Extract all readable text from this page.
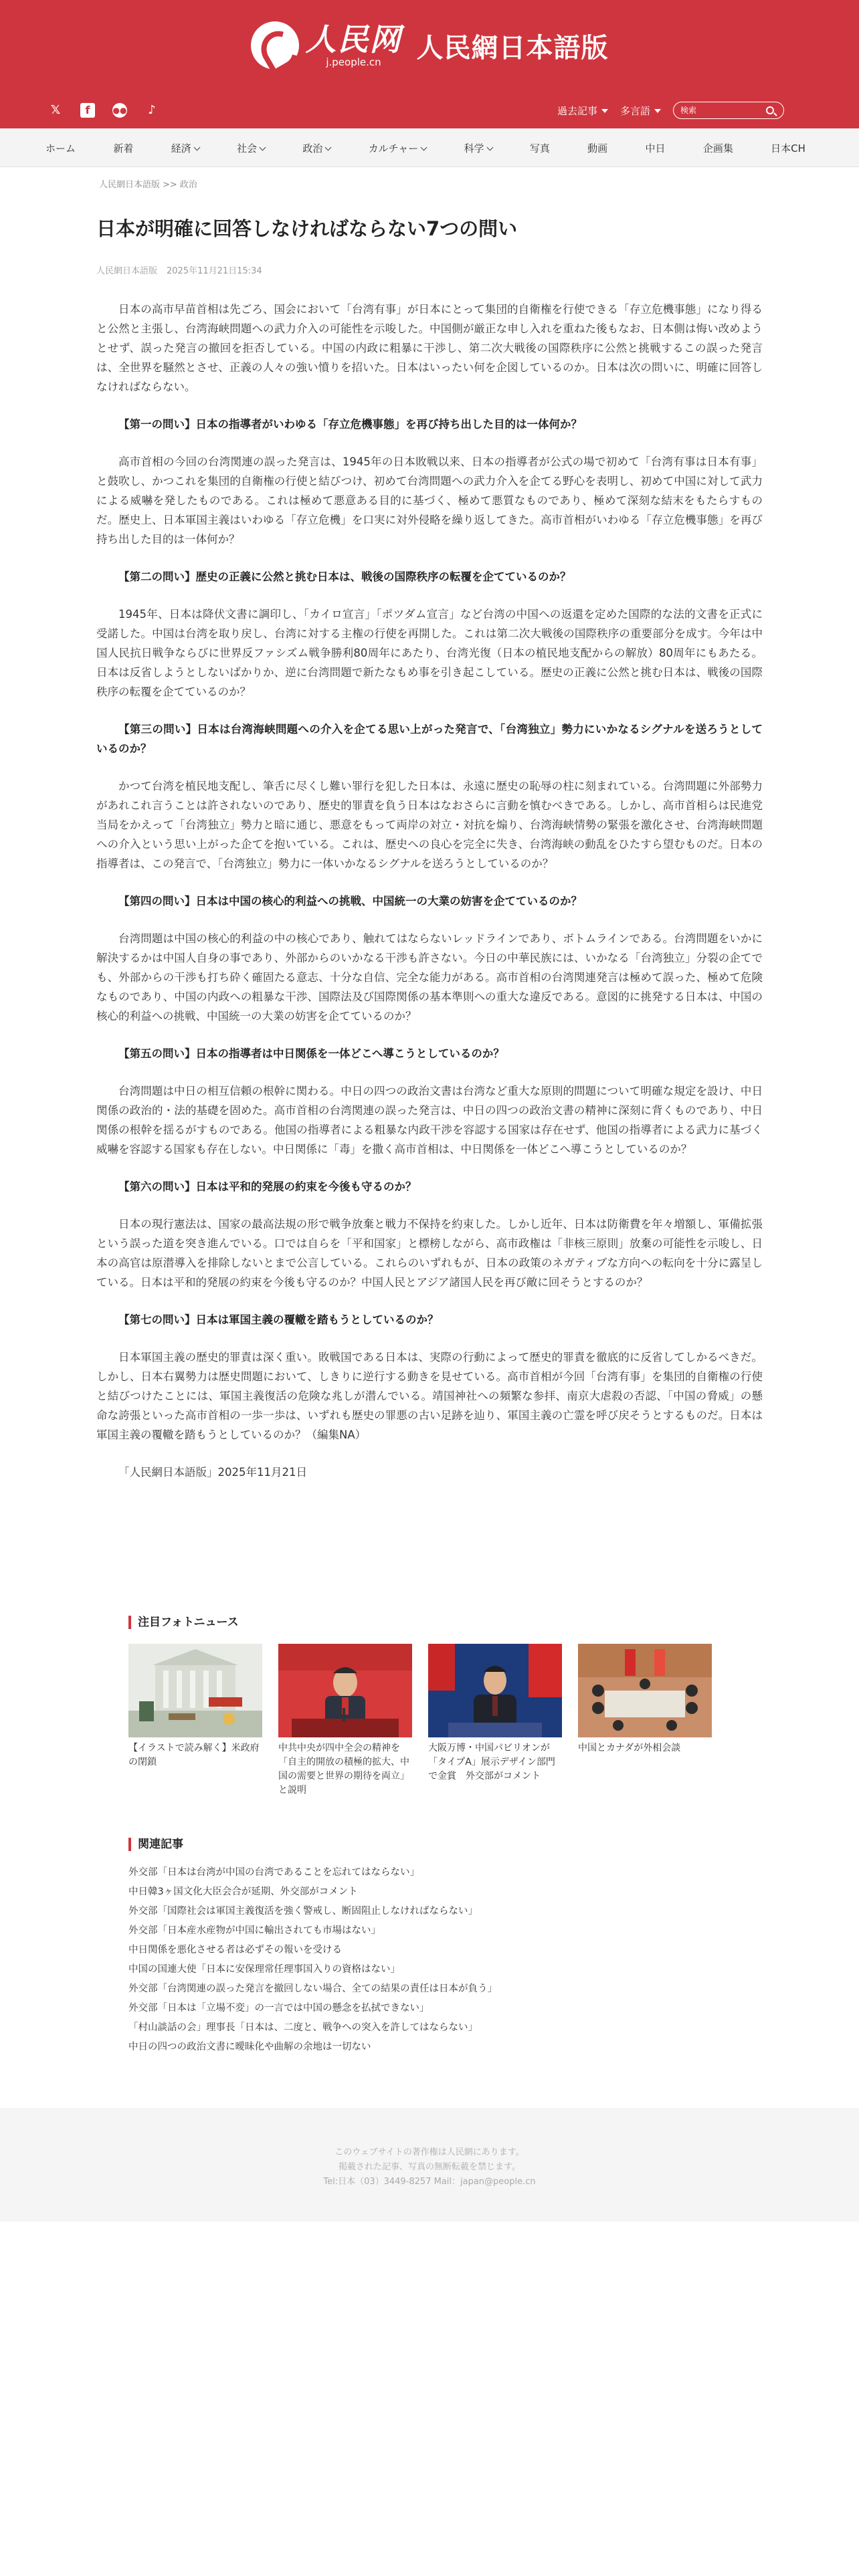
人民网
j.people.cn 人民網日本語版
𝕏	f	●● ♪	過去記事	多言語
検索
ホーム	新着	経済	社会	政治	カルチャー	科学	写真	動画	中日	企画集	日本CH
人民網日本語版 >> 政治
日本が明確に回答しなければならない7つの問い
人民網日本語版 2025年11月21日15:34

日本の高市早苗首相は先ごろ、国会において「台湾有事」が日本にとって集団的自衛権を行使できる「存立危機事態」になり得ると公然と主張し、台湾海峡問題への武力介入の可能性を示唆した。中国側が厳正な申し入れを重ねた後もなお、日本側は悔い改めようとせず、誤った発言の撤回を拒否している。中国の内政に粗暴に干渉し、第二次大戦後の国際秩序に公然と挑戦するこの誤った発言は、全世界を騒然とさせ、正義の人々の強い憤りを招いた。日本はいったい何を企図しているのか。日本は次の問いに、明確に回答しなければならない。

【第一の問い】日本の指導者がいわゆる「存立危機事態」を再び持ち出した目的は一体何か？

高市首相の今回の台湾関連の誤った発言は、1945年の日本敗戦以来、日本の指導者が公式の場で初めて「台湾有事は日本有事」と鼓吹し、かつこれを集団的自衛権の行使と結びつけ、初めて台湾問題への武力介入を企てる野心を表明し、初めて中国に対して武力による威嚇を発したものである。これは極めて悪意ある目的に基づく、極めて悪質なものであり、極めて深刻な結末をもたらすものだ。歴史上、日本軍国主義はいわゆる「存立危機」を口実に対外侵略を繰り返してきた。高市首相がいわゆる「存立危機事態」を再び持ち出した目的は一体何か？

【第二の問い】歴史の正義に公然と挑む日本は、戦後の国際秩序の転覆を企てているのか？

1945年、日本は降伏文書に調印し、「カイロ宣言」「ポツダム宣言」など台湾の中国への返還を定めた国際的な法的文書を正式に受諾した。中国は台湾を取り戻し、台湾に対する主権の行使を再開した。これは第二次大戦後の国際秩序の重要部分を成す。今年は中国人民抗日戦争ならびに世界反ファシズム戦争勝利80周年にあたり、台湾光復（日本の植民地支配からの解放）80周年にもあたる。日本は反省しようとしないばかりか、逆に台湾問題で新たなもめ事を引き起こしている。歴史の正義に公然と挑む日本は、戦後の国際秩序の転覆を企てているのか？

【第三の問い】日本は台湾海峡問題への介入を企てる思い上がった発言で、「台湾独立」勢力にいかなるシグナルを送ろうとしているのか？

かつて台湾を植民地支配し、筆舌に尽くし難い罪行を犯した日本は、永遠に歴史の恥辱の柱に刻まれている。台湾問題に外部勢力があれこれ言うことは許されないのであり、歴史的罪責を負う日本はなおさらに言動を慎むべきである。しかし、高市首相らは民進党当局をかえって「台湾独立」勢力と暗に通じ、悪意をもって両岸の対立・対抗を煽り、台湾海峡情勢の緊張を激化させ、台湾海峡問題への介入という思い上がった企てを抱いている。これは、歴史への良心を完全に失き、台湾海峡の動乱をひたすら望むものだ。日本の指導者は、この発言で、「台湾独立」勢力に一体いかなるシグナルを送ろうとしているのか？

【第四の問い】日本は中国の核心的利益への挑戦、中国統一の大業の妨害を企てているのか？

台湾問題は中国の核心的利益の中の核心であり、触れてはならないレッドラインであり、ボトムラインである。台湾問題をいかに解決するかは中国人自身の事であり、外部からのいかなる干渉も許さない。今日の中華民族には、いかなる「台湾独立」分裂の企てでも、外部からの干渉も打ち砕く確固たる意志、十分な自信、完全な能力がある。高市首相の台湾関連発言は極めて誤った、極めて危険なものであり、中国の内政への粗暴な干渉、国際法及び国際関係の基本準則への重大な違反である。意図的に挑発する日本は、中国の核心的利益への挑戦、中国統一の大業の妨害を企てているのか？

【第五の問い】日本の指導者は中日関係を一体どこへ導こうとしているのか？

台湾問題は中日の相互信頼の根幹に関わる。中日の四つの政治文書は台湾など重大な原則的問題について明確な規定を設け、中日関係の政治的・法的基礎を固めた。高市首相の台湾関連の誤った発言は、中日の四つの政治文書の精神に深刻に背くものであり、中日関係の根幹を揺るがすものである。他国の指導者による粗暴な内政干渉を容認する国家は存在せず、他国の指導者による武力に基づく威嚇を容認する国家も存在しない。中日関係に「毒」を撒く高市首相は、中日関係を一体どこへ導こうとしているのか？

【第六の問い】日本は平和的発展の約束を今後も守るのか？

日本の現行憲法は、国家の最高法規の形で戦争放棄と戦力不保持を約束した。しかし近年、日本は防衛費を年々増額し、軍備拡張という誤った道を突き進んでいる。口では自らを「平和国家」と標榜しながら、高市政権は「非核三原則」放棄の可能性を示唆し、日本の高官は原潜導入を排除しないとまで公言している。これらのいずれもが、日本の政策のネガティブな方向への転向を十分に露呈している。日本は平和的発展の約束を今後も守るのか？中国人民とアジア諸国人民を再び敵に回そうとするのか？

【第七の問い】日本は軍国主義の覆轍を踏もうとしているのか？

日本軍国主義の歴史的罪責は深く重い。敗戦国である日本は、実際の行動によって歴史的罪責を徹底的に反省してしかるべきだ。しかし、日本右翼勢力は歴史問題において、しきりに逆行する動きを見せている。高市首相が今回「台湾有事」を集団的自衛権の行使と結びつけたことには、軍国主義復活の危険な兆しが潜んでいる。靖国神社への頻繁な参拝、南京大虐殺の否認、「中国の脅威」の懸命な誇張といった高市首相の一歩一歩は、いずれも歴史の罪悪の古い足跡を辿り、軍国主義の亡霊を呼び戻そうとするものだ。日本は軍国主義の覆轍を踏もうとしているのか？（編集NA）

「人民網日本語版」2025年11月21日

注目フォトニュース

【イラストで読み解く】米政府の閉鎖

中共中央が四中全会の精神を「自主的開放の積極的拡大、中国の需要と世界の期待を両立」と説明

大阪万博・中国パビリオンが「タイプA」展示デザイン部門で金賞　外交部がコメント

中国とカナダが外相会談

関連記事
外交部「日本は台湾が中国の台湾であることを忘れてはならない」
中日韓3ヶ国文化大臣会合が延期、外交部がコメント
外交部「国際社会は軍国主義復活を強く警戒し、断固阻止しなければならない」
外交部「日本産水産物が中国に輸出されても市場はない」
中日関係を悪化させる者は必ずその報いを受ける
中国の国連大使「日本に安保理常任理事国入りの資格はない」
外交部「台湾関連の誤った発言を撤回しない場合、全ての結果の責任は日本が負う」
外交部「日本は「立場不変」の一言では中国の懸念を払拭できない」
「村山談話の会」理事長「日本は、二度と、戦争への突入を許してはならない」
中日の四つの政治文書に曖昧化や曲解の余地は一切ない

このウェブサイトの著作権は人民網にあります。

掲載された記事、写真の無断転載を禁じます。

Tel:日本（03）3449-8257 Mail：japan@people.cn
